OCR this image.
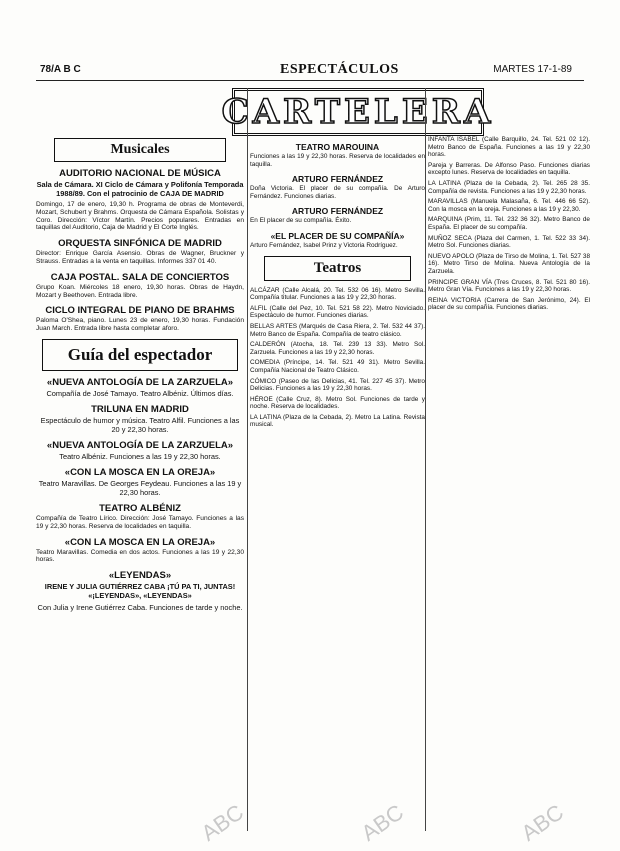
78/A B C	ESPECTÁCULOS	MARTES 17-1-89
CARTELERA
Musicales
AUDITORIO NACIONAL DE MÚSICA

Sala de Cámara. XI Ciclo de Cámara y Polifonía Temporada 1988/89. Con el patrocinio de CAJA DE MADRID

Domingo, 17 de enero, 19,30 h. Programa de obras de Monteverdi, Mozart, Schubert y Brahms. Orquesta de Cámara Española. Solistas y Coro. Dirección: Víctor Martín. Precios populares. Entradas en taquillas del Auditorio, Caja de Madrid y El Corte Inglés.

ORQUESTA SINFÓNICA DE MADRID

Director: Enrique García Asensio. Obras de Wagner, Bruckner y Strauss. Entradas a la venta en taquillas. Informes 337 01 40.

CAJA POSTAL. SALA DE CONCIERTOS

Grupo Koan. Miércoles 18 enero, 19,30 horas. Obras de Haydn, Mozart y Beethoven. Entrada libre.

CICLO INTEGRAL DE PIANO DE BRAHMS

Paloma O'Shea, piano. Lunes 23 de enero, 19,30 horas. Fundación Juan March. Entrada libre hasta completar aforo.

Guía del espectador
«NUEVA ANTOLOGÍA DE LA ZARZUELA»

Compañía de José Tamayo. Teatro Albéniz. Últimos días.

TRILUNA EN MADRID

Espectáculo de humor y música. Teatro Alfil. Funciones a las 20 y 22,30 horas.

«NUEVA ANTOLOGÍA DE LA ZARZUELA»

Teatro Albéniz. Funciones a las 19 y 22,30 horas.

«CON LA MOSCA EN LA OREJA»

Teatro Maravillas. De Georges Feydeau. Funciones a las 19 y 22,30 horas.

TEATRO ALBÉNIZ

Compañía de Teatro Lírico. Dirección: José Tamayo. Funciones a las 19 y 22,30 horas. Reserva de localidades en taquilla.

«CON LA MOSCA EN LA OREJA»

Teatro Maravillas. Comedia en dos actos. Funciones a las 19 y 22,30 horas.

«LEYENDAS»

IRENE Y JULIA GUTIÉRREZ CABA ¡TÚ PA TI, JUNTAS! «¡LEYENDAS», «LEYENDAS»

Con Julia y Irene Gutiérrez Caba. Funciones de tarde y noche.

TEATRO MAROUINA

Funciones a las 19 y 22,30 horas. Reserva de localidades en taquilla.

ARTURO FERNÁNDEZ

Doña Victoria. El placer de su compañía. De Arturo Fernández. Funciones diarias.

ARTURO FERNÁNDEZ

En El placer de su compañía. Éxito.

«EL PLACER DE SU COMPAÑÍA»

Arturo Fernández, Isabel Prinz y Victoria Rodríguez.

Teatros

ALCÁZAR (Calle Alcalá, 20. Tel. 532 06 16). Metro Sevilla. Compañía titular. Funciones a las 19 y 22,30 horas.

ALFIL (Calle del Pez, 10. Tel. 521 58 22). Metro Noviciado. Espectáculo de humor. Funciones diarias.

BELLAS ARTES (Marqués de Casa Riera, 2. Tel. 532 44 37). Metro Banco de España. Compañía de teatro clásico.

CALDERÓN (Atocha, 18. Tel. 239 13 33). Metro Sol. Zarzuela. Funciones a las 19 y 22,30 horas.

COMEDIA (Príncipe, 14. Tel. 521 49 31). Metro Sevilla. Compañía Nacional de Teatro Clásico.

CÓMICO (Paseo de las Delicias, 41. Tel. 227 45 37). Metro Delicias. Funciones a las 19 y 22,30 horas.

HÉROE (Calle Cruz, 8). Metro Sol. Funciones de tarde y noche. Reserva de localidades.

LA LATINA (Plaza de la Cebada, 2). Metro La Latina. Revista musical.

INFANTA ISABEL (Calle Barquillo, 24. Tel. 521 02 12). Metro Banco de España. Funciones a las 19 y 22,30 horas.

Pareja y Barreras. De Alfonso Paso. Funciones diarias excepto lunes. Reserva de localidades en taquilla.

LA LATINA (Plaza de la Cebada, 2). Tel. 265 28 35. Compañía de revista. Funciones a las 19 y 22,30 horas.

MARAVILLAS (Manuela Malasaña, 6. Tel. 446 66 52). Con la mosca en la oreja. Funciones a las 19 y 22,30.

MARQUINA (Prim, 11. Tel. 232 36 32). Metro Banco de España. El placer de su compañía.

MUÑOZ SECA (Plaza del Carmen, 1. Tel. 522 33 34). Metro Sol. Funciones diarias.

NUEVO APOLO (Plaza de Tirso de Molina, 1. Tel. 527 38 16). Metro Tirso de Molina. Nueva Antología de la Zarzuela.

PRINCIPE GRAN VÍA (Tres Cruces, 8. Tel. 521 80 16). Metro Gran Vía. Funciones a las 19 y 22,30 horas.

REINA VICTORIA (Carrera de San Jerónimo, 24). El placer de su compañía. Funciones diarias.

ABC	ABC	ABC
